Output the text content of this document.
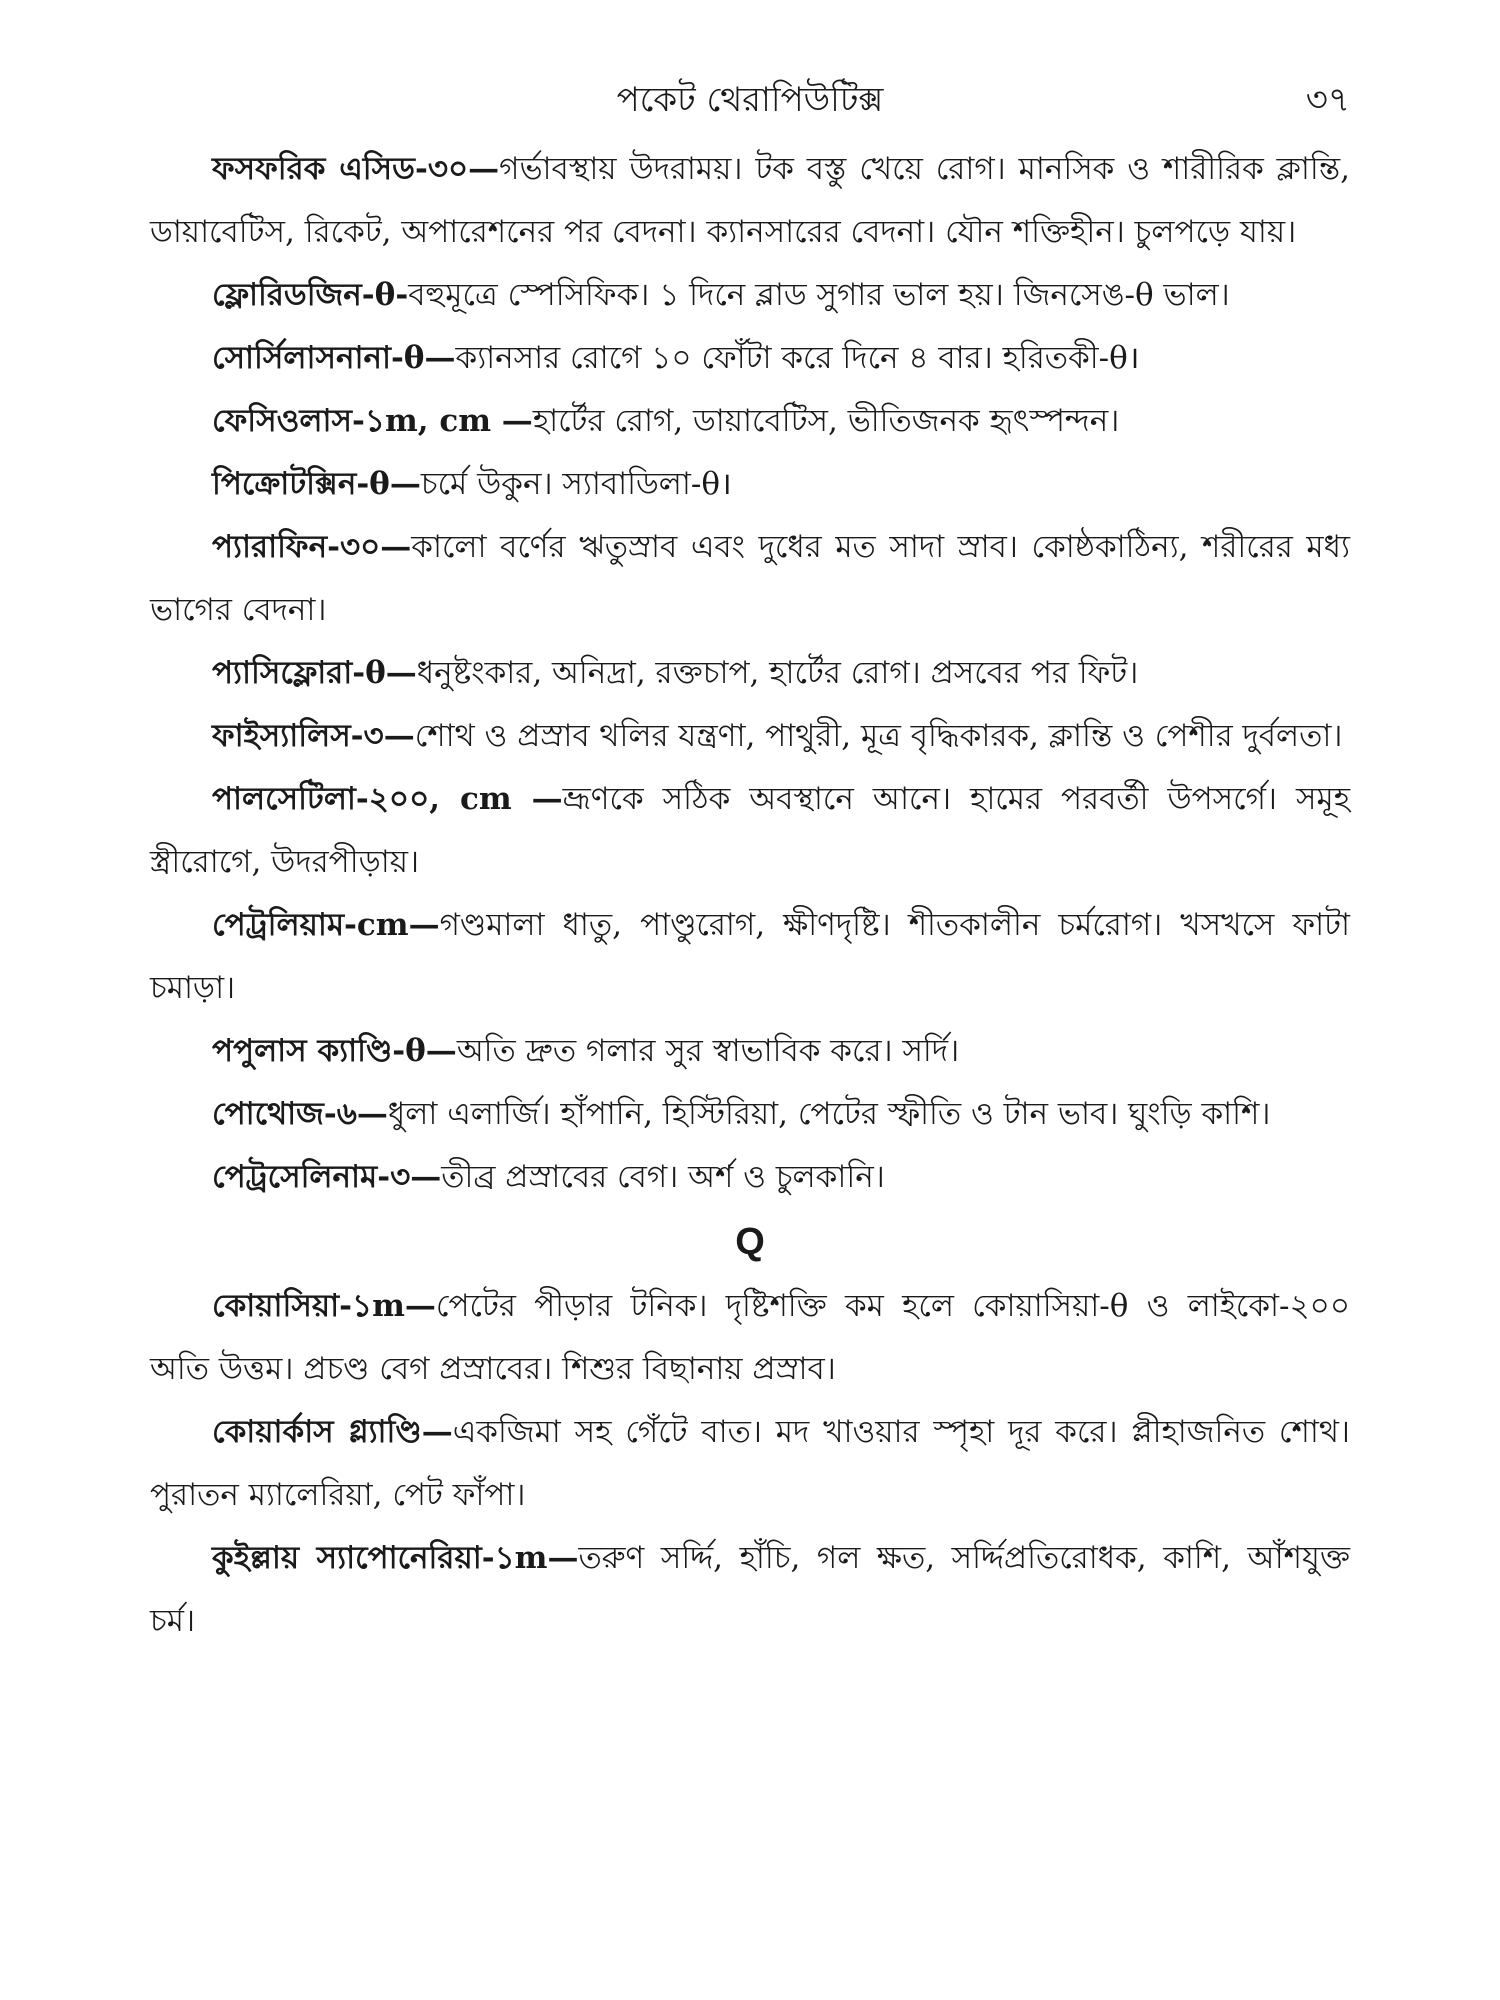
পকেট থেরাপিউটিক্স	৩৭

ফসফরিক এসিড-৩০—গর্ভাবস্থায় উদরাময়। টক বস্তু খেয়ে রোগ। মানসিক ও শারীরিক ক্লান্তি, ডায়াবেটিস, রিকেট, অপারেশনের পর বেদনা। ক্যানসারের বেদনা। যৌন শক্তিহীন। চুলপড়ে যায়।

ফ্লোরিডজিন-θ-বহুমূত্রে স্পেসিফিক। ১ দিনে ব্লাড সুগার ভাল হয়। জিনসেঙ-θ ভাল।

সোর্সিলাসনানা-θ—ক্যানসার রোগে ১০ ফোঁটা করে দিনে ৪ বার। হরিতকী-θ।

ফেসিওলাস-১m, cm —হার্টের রোগ, ডায়াবেটিস, ভীতিজনক হৃৎস্পন্দন।

পিক্রোটক্সিন-θ—চর্মে উকুন। স্যাবাডিলা-θ।

প্যারাফিন-৩০—কালো বর্ণের ঋতুস্রাব এবং দুধের মত সাদা স্রাব। কোষ্ঠকাঠিন্য, শরীরের মধ্য ভাগের বেদনা।

প্যাসিফ্লোরা-θ—ধনুষ্টংকার, অনিদ্রা, রক্তচাপ, হার্টের রোগ। প্রসবের পর ফিট।

ফাইস্যালিস-৩—শোথ ও প্রস্রাব থলির যন্ত্রণা, পাথুরী, মূত্র বৃদ্ধিকারক, ক্লান্তি ও পেশীর দুর্বলতা।

পালসেটিলা-২০০, cm —ভ্রূণকে সঠিক অবস্থানে আনে। হামের পরবর্তী উপসর্গে। সমূহ স্ত্রীরোগে, উদরপীড়ায়।

পেট্রলিয়াম-cm—গণ্ডমালা ধাতু, পাণ্ডুরোগ, ক্ষীণদৃষ্টি। শীতকালীন চর্মরোগ। খসখসে ফাটা চমাড়া।

পপুলাস ক্যাণ্ডি-θ—অতি দ্রুত গলার সুর স্বাভাবিক করে। সর্দি।

পোথোজ-৬—ধুলা এলার্জি। হাঁপানি, হিস্টিরিয়া, পেটের স্ফীতি ও টান ভাব। ঘুংড়ি কাশি।

পেট্রসেলিনাম-৩—তীব্র প্রস্রাবের বেগ। অর্শ ও চুলকানি।

Q

কোয়াসিয়া-১m—পেটের পীড়ার টনিক। দৃষ্টিশক্তি কম হলে কোয়াসিয়া-θ ও লাইকো-২০০ অতি উত্তম। প্রচণ্ড বেগ প্রস্রাবের। শিশুর বিছানায় প্রস্রাব।

কোয়ার্কাস গ্ল্যাণ্ডি—একজিমা সহ গেঁটে বাত। মদ খাওয়ার স্পৃহা দূর করে। প্লীহাজনিত শোথ। পুরাতন ম্যালেরিয়া, পেট ফাঁপা।

কুইল্লায় স্যাপোনেরিয়া-১m—তরুণ সর্দ্দি, হাঁচি, গল ক্ষত, সর্দ্দিপ্রতিরোধক, কাশি, আঁশযুক্ত চর্ম।
